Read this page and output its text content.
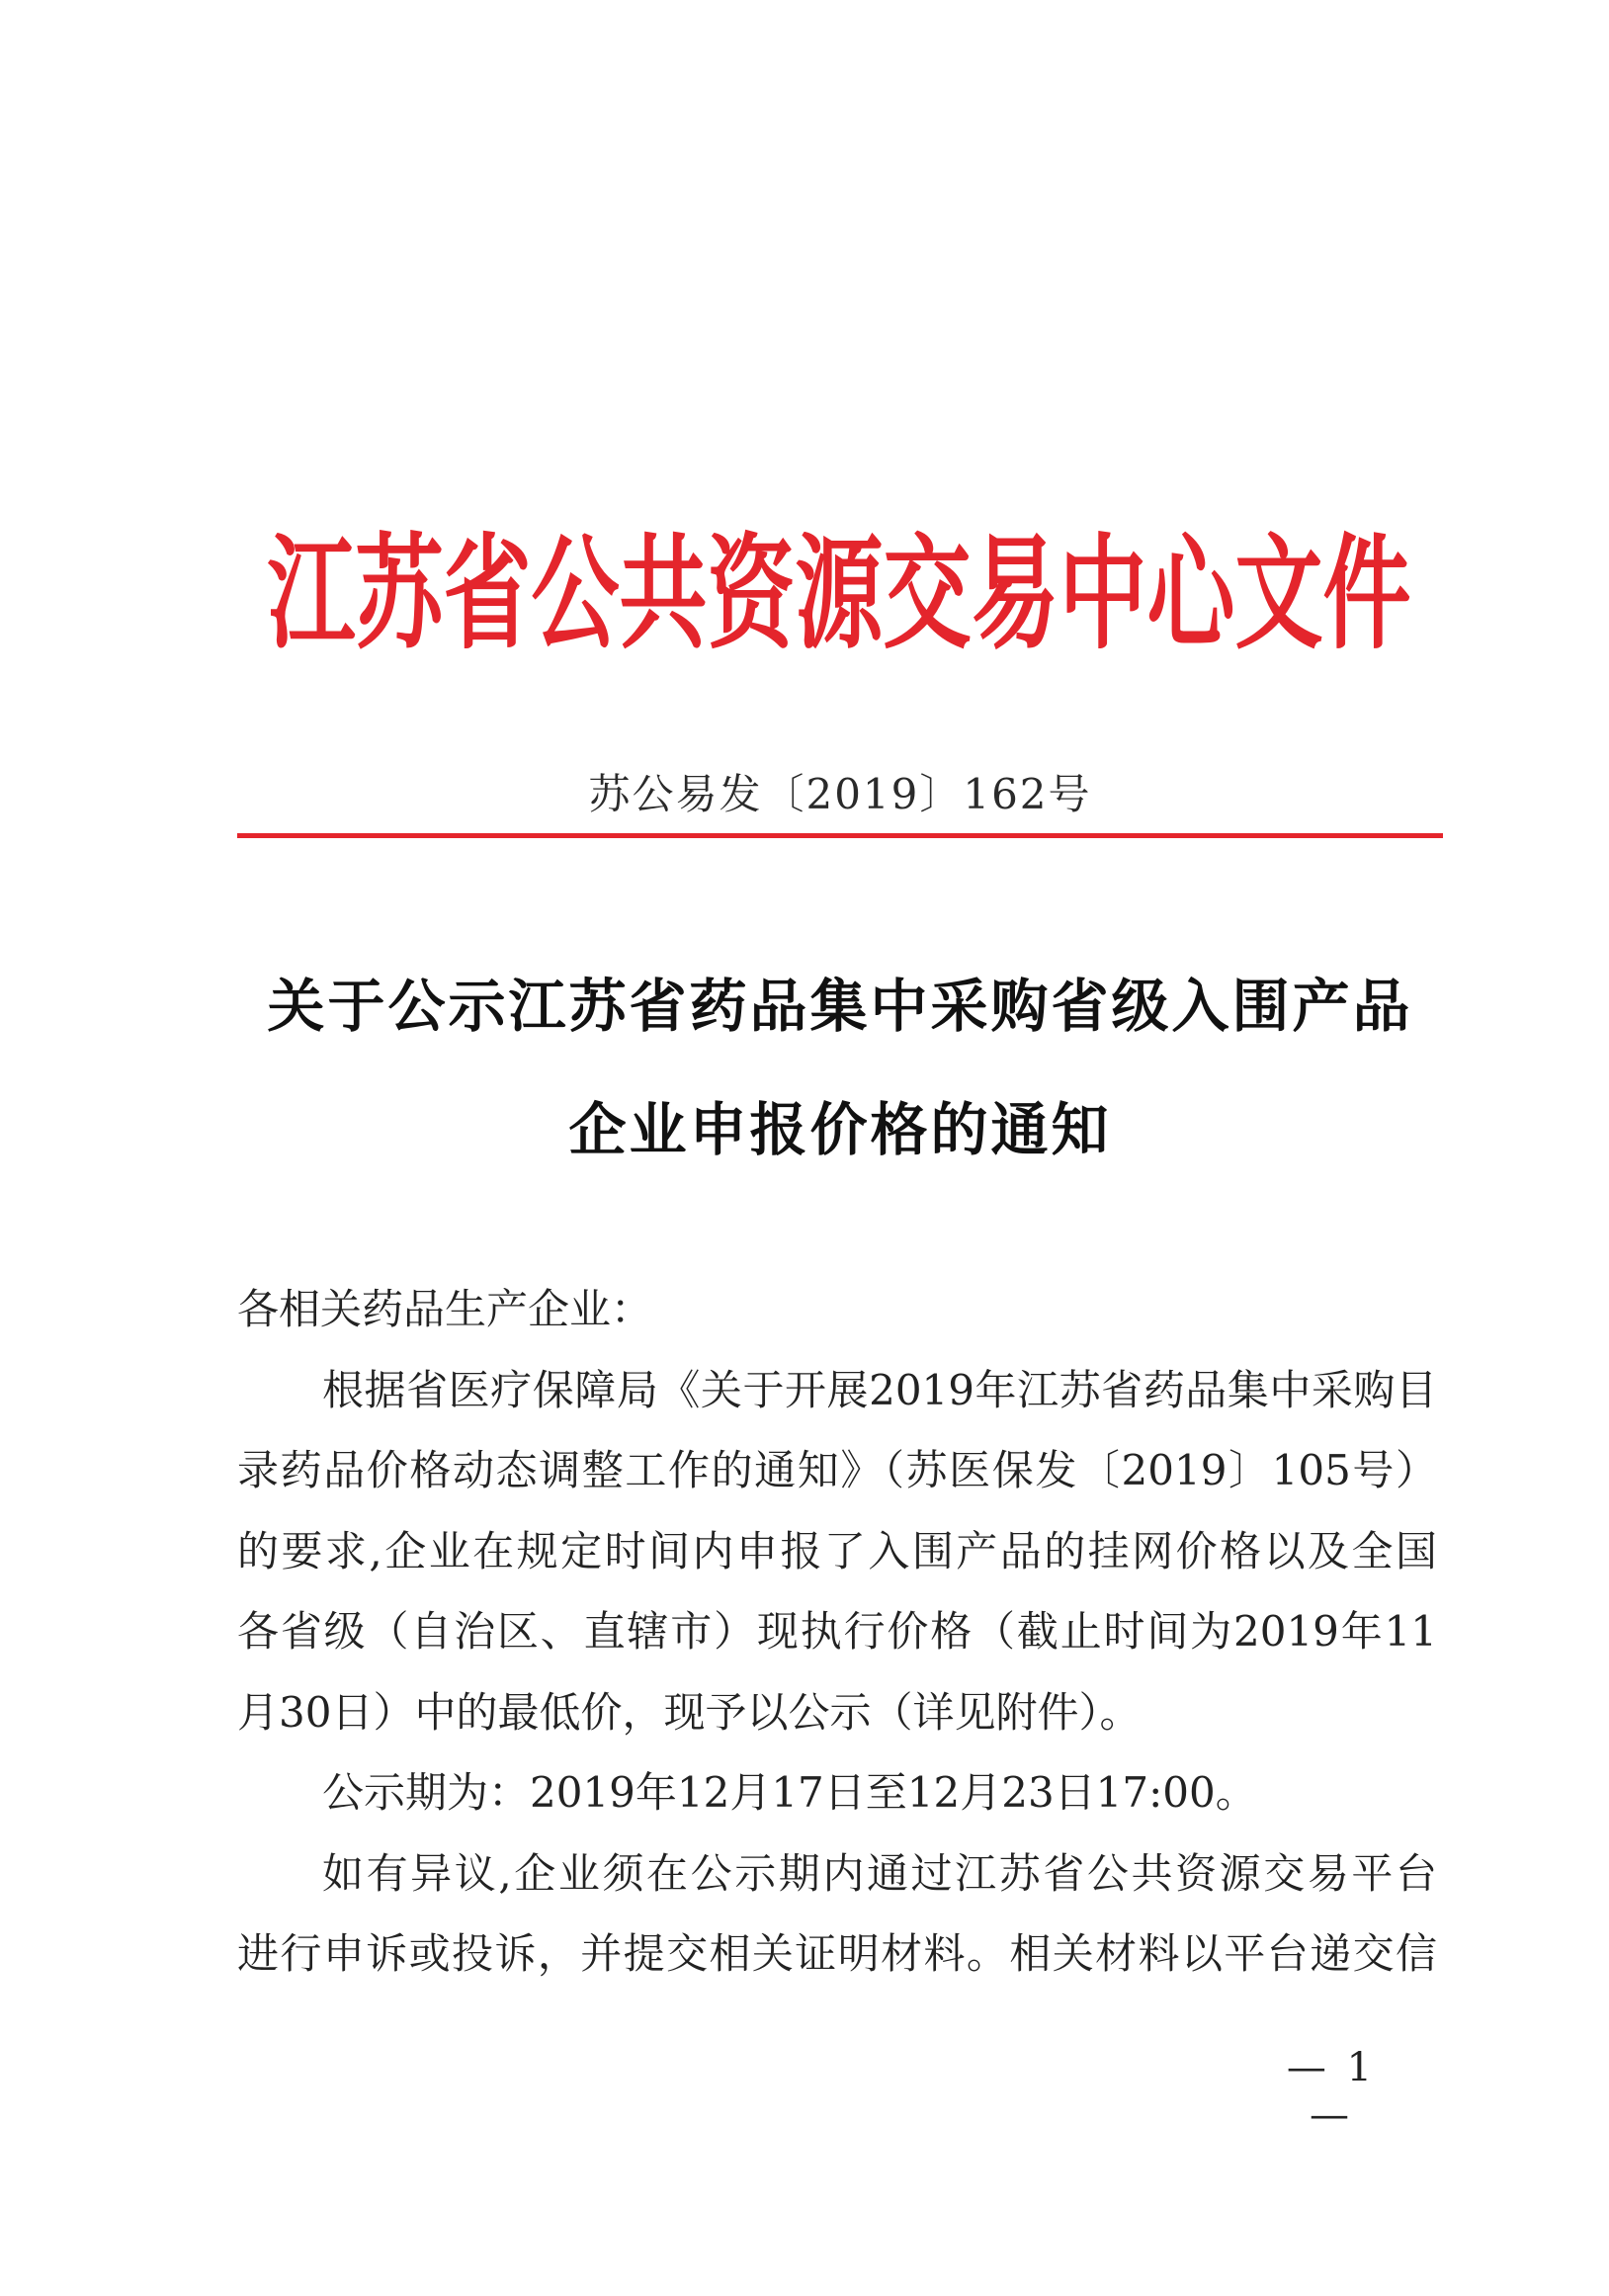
江苏省公共资源交易中心文件
苏公易发〔2019〕162号
关于公示江苏省药品集中采购省级入围产品
企业申报价格的通知
各相关药品生产企业：
根据省医疗保障局《关于开展2019年江苏省药品集中采购目
录药品价格动态调整工作的通知》（苏医保发〔2019〕105号）
的要求,企业在规定时间内申报了入围产品的挂网价格以及全国
各省级（自治区、直辖市）现执行价格（截止时间为2019年11
月30日）中的最低价，现予以公示（详见附件）。
公示期为：2019年12月17日至12月23日17:00。
如有异议,企业须在公示期内通过江苏省公共资源交易平台
进行申诉或投诉，并提交相关证明材料。相关材料以平台递交信
— 1 —
